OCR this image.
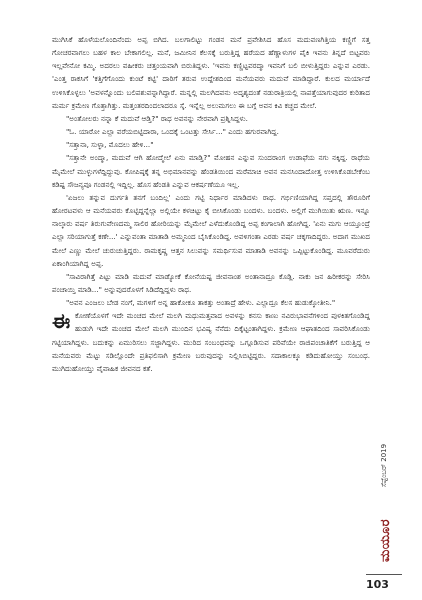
ಮುಗಿಸಿಕೆ ಹೊಳೆಯಲೊಂದಿನೆಂದು ಅಪ್ಪ ಬಿಗಿದ. ಬಲಗಾಲಿಟ್ಟು ಗಂಡನ ಮನೆ ಪ್ರವೇಶಿಸಿದ ಹೊಸ ಮದುವಣಗಿತ್ತಿಯ ಕಣ್ಣಿಗೆ ಸತ್ತ ಗೋಚರವಾಗಲು ಬಹಳ ಕಾಲ ಬೇಕಾಗಲಿಲ್ಲ. ಮನೆ, ಜಮೀನಿನ ಕೆಲಸಕ್ಕೆ ಬರುತ್ತಿದ್ದ ಹರೆಯದ ಹೆಣ್ಣಾಳುಗಳ ಪೈಕಿ ಇವನು ತಿನ್ನದೆ ಬಿಟ್ಟವರು ಇಲ್ಲವೇನೋ ಕಮ್ಮಿ. ಅದರಲು ವಹೀಕರು ಚತ್ತಂಯವಾಗಿ ಬಿರುತಿದ್ದಳು. 'ಇವನು ಕಣ್ಣಿಟ್ಟವರದ್ಮಾ ಇವನಿಗೆ ಬಲಿ ಬೀಳುತ್ತಿದ್ದರು ಎನ್ನುವ ಎರಡು. 'ಎಂತ್ತ ರಾಕಸಿಗೆ 'ಕತ್ತಿಗೆಗೊಂದು ಕುಂಟೆ ಕಟ್ಟಿ' ದಾರಿಗೆ ತರುವ ಉದ್ದೇಶದಿಂದ ಮನೆಯವರು ಮದುವೆ ಮಾಡಿದ್ದಾರೆ. ಕುಲದ ಮರ್ಯಾದೆ ಉಳಿಸಿಕೊಳ್ಳಲು 'ಅವಳನ್ನೊಂದು ಬಲಿಪಶುವನ್ನಾಗಿದ್ದಾರೆ. ಮನ್ನಲ್ಲಿ ಮಲಗಿದವನು ಅದೃಶ್ಯದಂತೆ ನಡುರಾತ್ರಿಯಲ್ಲಿ ನಾಪತ್ತೆಯಾಗುವುದರ ಕುರಿತಾದ ಮರ್ಮ ಕ್ರಮೇಣ ಗೊತ್ತಾಗಿತ್ತು. ಮತ್ತಂತರದಿಂದಲಾದರೂ ಸ್ಕೆ. ಇನ್ನೆಲ್ಲ ಅಲುಮಗಲು ಈ ಬಗ್ಗೆ ಅವನ ಕಿವಿ ಕಚ್ಚದ ಮೇಲೆ.

"ಅಂತೋಲರು ನನ್ನಾ ಕೆ ಮದುವೆ ಆಡ್ತಿ?" ರಾಧ ಅವನನ್ನು ನೇರವಾಗಿ ಪ್ರಶ್ನಿಸಿದ್ದಳು.

"ಓ. ಯಾರೋ ಎಲ್ಲಾ ವರೆಯಬಿಟ್ಟಿದಾರಾ, ಒಂದಕ್ಕೆ ಒಂಟತ್ತು ಸೇರ್ಸಿ..." ಎಂದು ಹಗುರವಾಗಿದ್ದ.

"ಸತ್ತಾನಾ, ಸುಳ್ಳಾ, ಮೊದಲು ಹೇಳಿ..."

"ಸತ್ತಾನೇ ಅಂದ್ಮಾ, ಮದುವೆ ಆಗಿ ಹೋದ್ಮೇಲೆ ಏನು ಮಾಡ್ತಿ?" ಮೋಹನ ಎನ್ನುವ ಸುಂದರಾಂಗ ಉಡಾಫೆಯ ನಗು ನಕ್ಕಿದ್ದ. ರಾಧೆಯ ಮೈಮೇಲೆ ಮುಳ್ಳುಗಳೆದ್ದಿದ್ದುವು. ಕೋಪಿಷ್ಠಕ್ಕೆ ತನ್ನ ಅಭಿಮಾನವನ್ನು ಹೆಂಡತಿಯಿಂದ ಮರೆಮಾಚಿ ಅವನ ಮನಸಿಂದಾದೋತ್ತ ಉಳಿಸಿಕೊಡಬೇಕೆಂಬ ಕಡಿಷ್ಟ ಸೌಜನ್ಯವೂ ಗಂಡನಲ್ಲಿ ಇದ್ದಿಲ್ಲ. ಹೊಸ ಹೆಂಡತಿ ಎನ್ನುವ ಆಕರ್ಷಣೆಯೂ ಇಲ್ಲ.

'ಏಜಲು ತನ್ನುವ ದುರ್ಗತಿ ತನಗೆ ಬಂದಿಲ್ಲ' ಎಂದು ಗಟ್ಟಿ ನಿರ್ಧಾರ ಮಾಡಿದಳು ರಾಧ. ಗರ್ಭಿಣಿಯಾಗಿದ್ದ ಸಪ್ತದಲ್ಲಿ ತೌರೂರಿಗೆ ಹೋರಟವಳು ಆ ಮನೆಯವರು ಕೊಟ್ಟಿದ್ದನ್ನೆಲ್ಲಾ ಅಲ್ಲಿಯೇ ಕಳಚಿಟ್ಟು ಕೈ ಬೀಸಿಕೊಂಡು ಬಂದಳು. ಬಂದಳು. ಅಲ್ಲಿಗೆ ಮುಗಿಯಿತು ಋಣ. ಇನ್ನೂ ನಾಲ್ಕಾರು ವರ್ಷ ತಿರುಗುವೇಣದಮ್ಮ ಸಾಲಿರ ಹೋರಿಯನ್ನು ಮೈಮೇಲೆ ಎಳೆದುಕೊಂಡಿದ್ದ ಅಪ್ಪ ಕಂಗಾಲಾಗಿ ಹೋಗಿದ್ದ. 'ಏನು ಮಗು ಆಯ್ತೂಂದ್ರೆ ಎಲ್ಲಾ ಸರಿಯಾಗುತ್ತೆ ಕಣೇ...' ಎನ್ನುವಂತಾ ಮಾತಾಡಿ ಅಮ್ಮನಿಂದ ಬೈಸಿಕೊಂಡಿದ್ದ. ಅವಳಿಗಂತಾ ಎರಡು ವರ್ಷ ಚಕ್ಕಗಾದಿದ್ದರು. ಅದಾಗ ಮುಖದ ಮೇಲೆ ಎಣ್ಣು ಮೇಲೆ ಚುರುಚುತ್ತಿದ್ದರು. ರಾಮಕೃಷ್ಣ ಆತ್ತನ ಸಿಲುವನ್ನು ಸಮರ್ಥಿಸುವ ಮಾತಾಡಿ ಅವನನ್ನು ಒಪ್ಪಿಟ್ಟುಕೊಂಡಿದ್ದ. ಮೂವರೆದುರು ಏಕಾಂಗಿಯಾಗಿದ್ದ ಅಪ್ಪ.

"ಸಾವಿರಾಗಿತ್ತೆ ಪಿಟ್ಟು ಮಾಡಿ ಮದುವೆ ಮಾಡ್ಯೋಕೆ ಕೋನೆಯಷ್ಟ ಜೀವನಾಂಶ ಅಂತಾನಾದ್ರೂ ಕೊಡ್ಲಿ. ನಾಕು ಜನ ಹಿರೀಕರನ್ನು ಸೇರಿಸಿ ಪಂಚಾಯ್ತಿ ಮಾಡಿ..." ಅನ್ನುವುದರೊಳಗೆ ಸಿಡಿದೆದ್ದಿದ್ದಳು ರಾಧ.

"ಅವನ ಎಂಜಲು ಬೇಡ ನಂಗೆ, ಮಗಳಿಗೆ ಅನ್ನ ಹಾಕೋಕೂ ತಾಕತ್ತು ಅಂತಾದ್ರೆ ಹೇಳು. ಎಲ್ಲಾದ್ರೂ ಕೆಲಸ ಹುಡುಕ್ಕೋತೀನಿ."

ಈಕೋಣೆಯೊಳಗೆ ಇದೇ ಮಂಚದ ಮೇಲೆ ಮಲಗಿ ಮಧುಮತ್ತವಾದ ಅವಳನ್ನು ಕನಸು ಕಾಣು ನವಿರುಭಾವನೆಗಳಿಂದ ಪುಳಕಿತಗೊಂಡಿದ್ದ ಹುಡುಗಿ ಇದೇ ಮಂಚದ ಮೇಲೆ ಮಲಗಿ ಮುಂದಿನ ಭವಿಷ್ಯ ನೆನೆದು ದಿಕ್ಕೆಟ್ಟಂತಾಗಿದ್ದಳು. ಕ್ರಮೇಣ ಆಘಾತದಿಂದ ಸಾವರಿಸಿಕೊಂಡು ಗಟ್ಟಿಯಾಗಿದ್ದಳು. ಬದುಕನ್ನು ಏಮುರಿಸಲು ಸಜ್ಜಾಗಿದ್ದಳು. ಮುರಿದ ಸಂಬಂಧವನ್ನು ಒಗ್ಗೂಡಿಸುವ ಪರಿವೆಯೇ ರಾಜಿಪಂಚಾತಿಕೆಗೆ ಬರುತ್ತಿದ್ದ ಆ ಮನೆಯವರು ಮೆಟ್ಟು ಸಡಿಲ್ಲೊಂದೇ ಪ್ರತಿಫಲಿಸಾಗಿ ಕ್ರಮೇಣ ಬರುವುದನ್ನು ನಿಲ್ಲಿಸಿಬಿಟ್ಟಿದ್ದರು. ಸದಾಕಾಲಕ್ಕೂ ಕಡಿದುಹೋಯ್ತು ಸಂಬಂಧ. ಮುಗಿದುಹೋಯ್ತು ವೈವಾಹಿಕ ಜೀವನದ ಕತೆ.

ಸೆಪ್ಟೆಂಬರ್ 2019
ಮಯೂರ
103
